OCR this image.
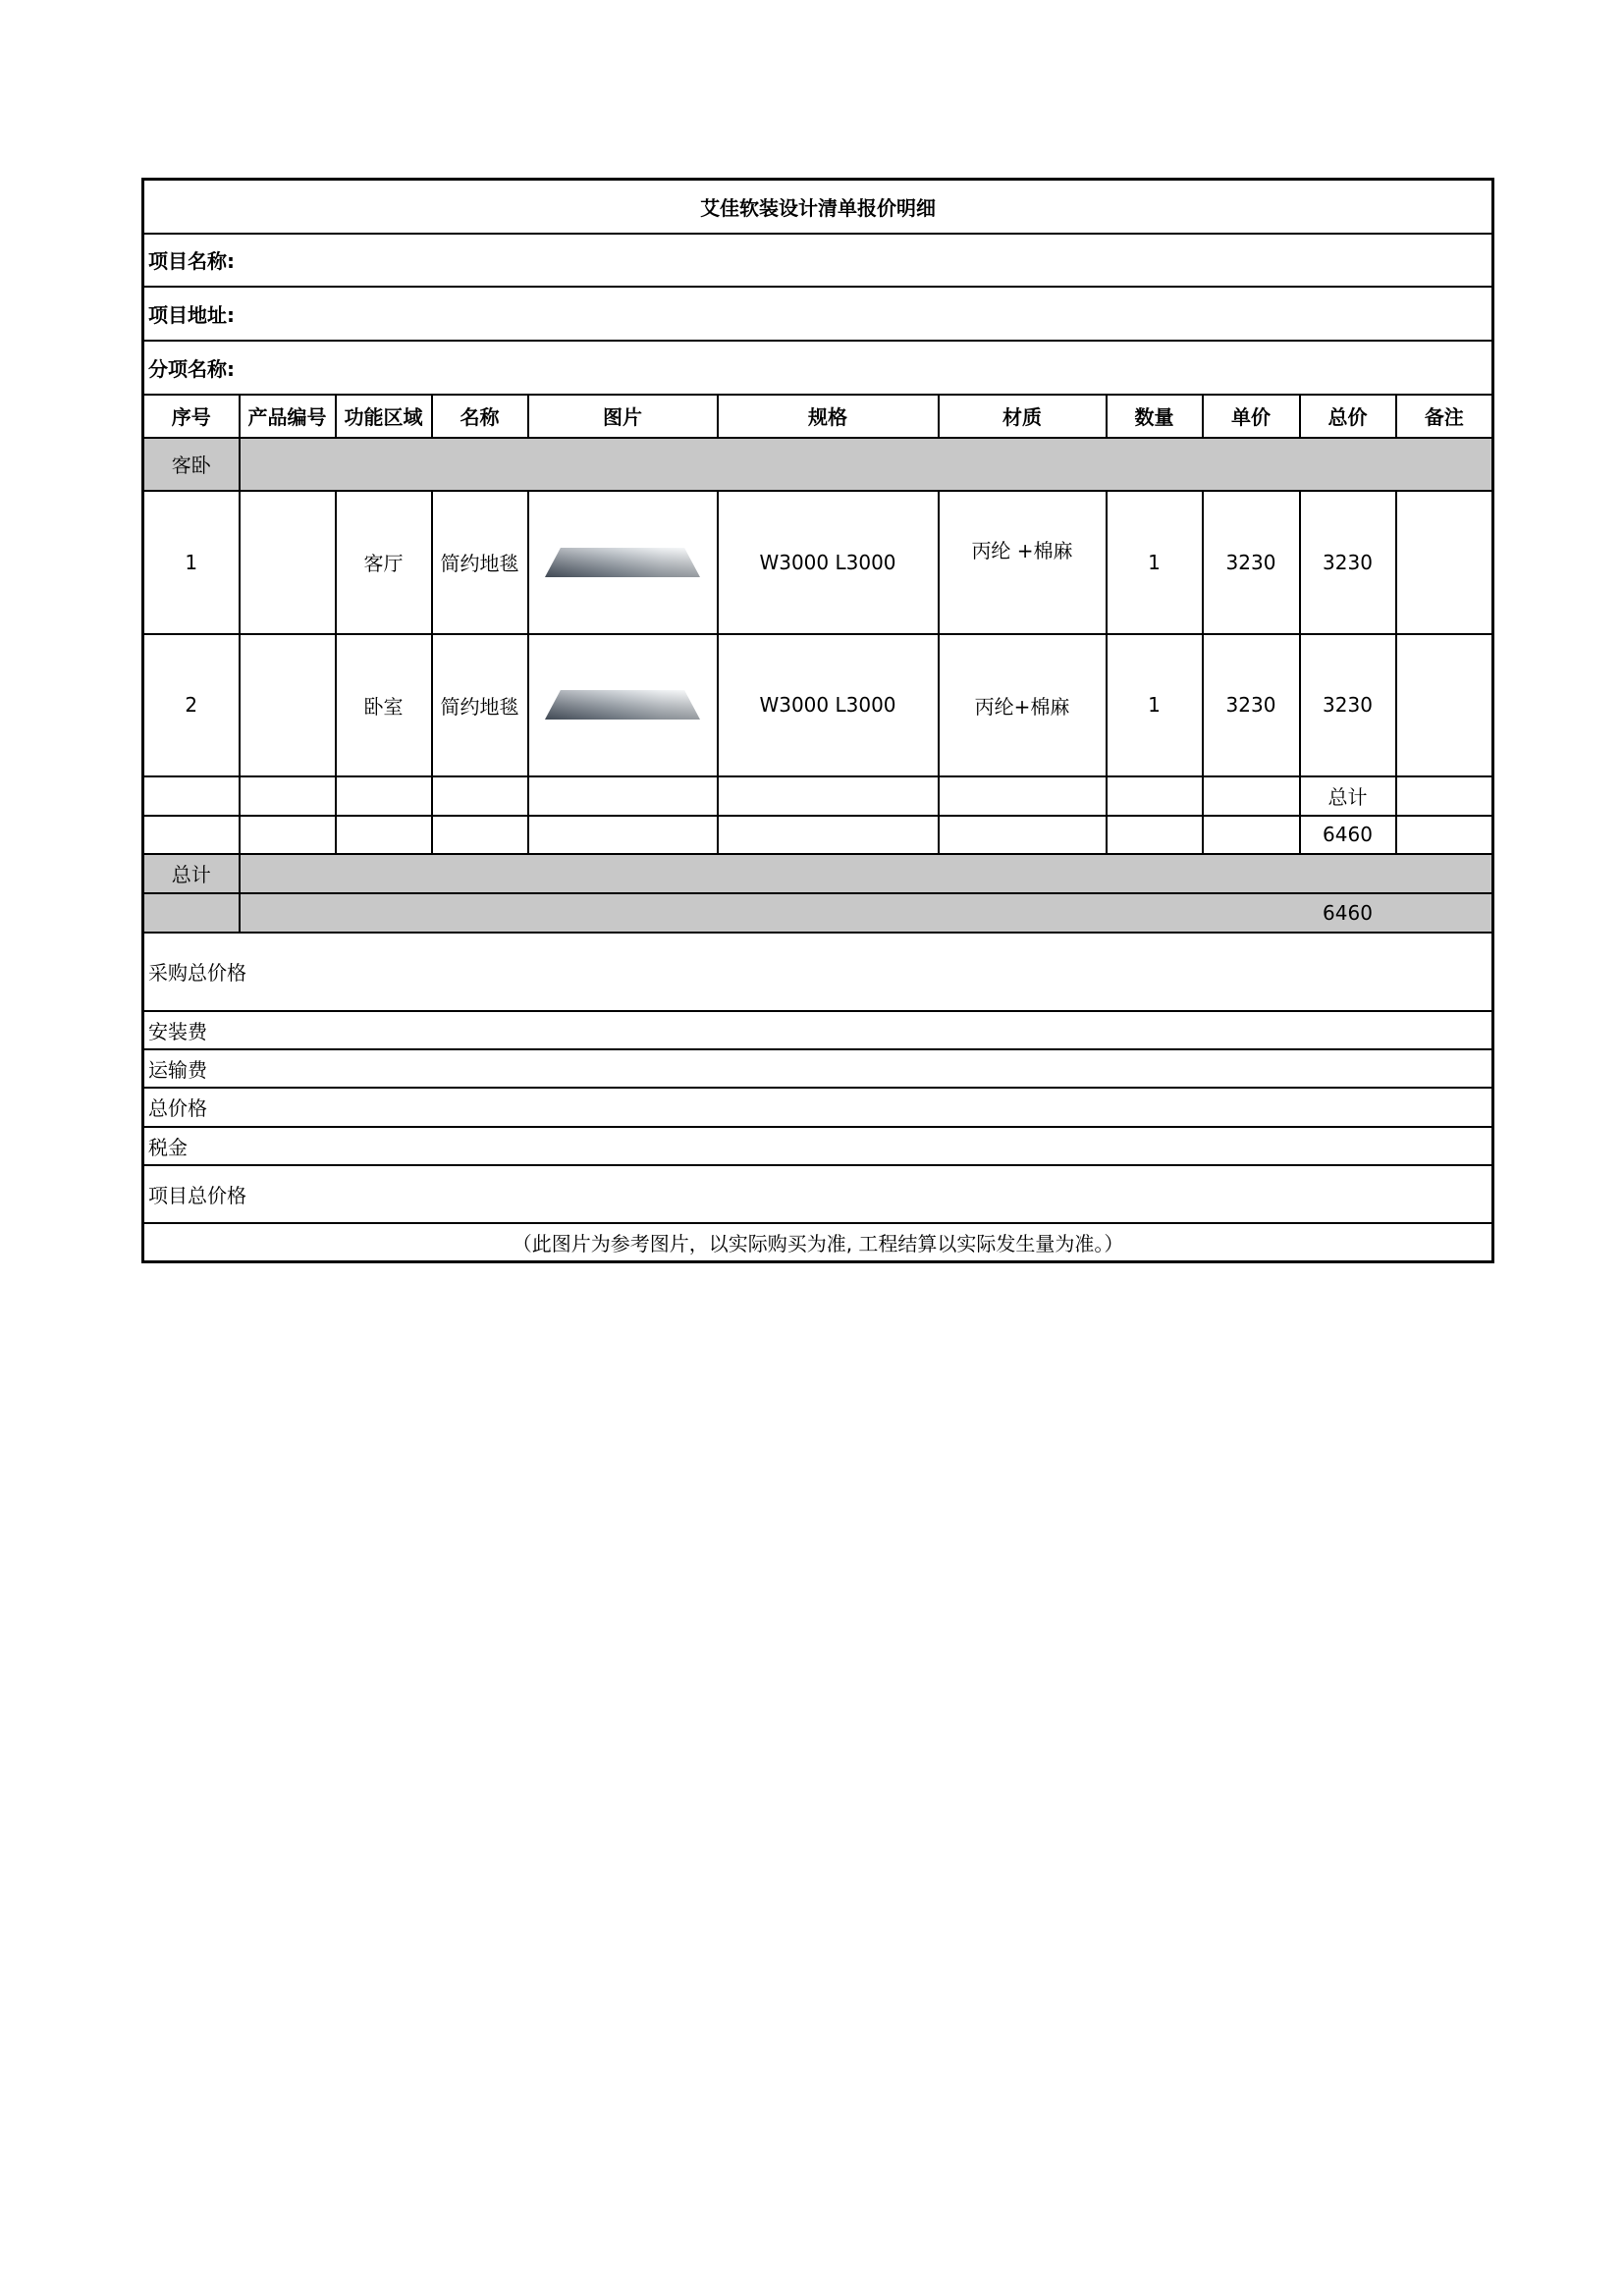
艾佳软装设计清单报价明细										
项目名称:										
项目地址:										
分项名称:										
序号	产品编号	功能区域	名称	图片	规格	材质	数量	单价	总价	备注
客卧										
1		客厅	简约地毯		W3000 L3000	丙纶 +棉麻	1	3230	3230	
2		卧室	简约地毯		W3000 L3000	丙纶+棉麻	1	3230	3230	
									总计	
									6460	
总计										
									6460	
采购总价格										
安装费										
运输费										
总价格										
税金										
项目总价格										
（此图片为参考图片，以实际购买为准, 工程结算以实际发生量为准。）										
